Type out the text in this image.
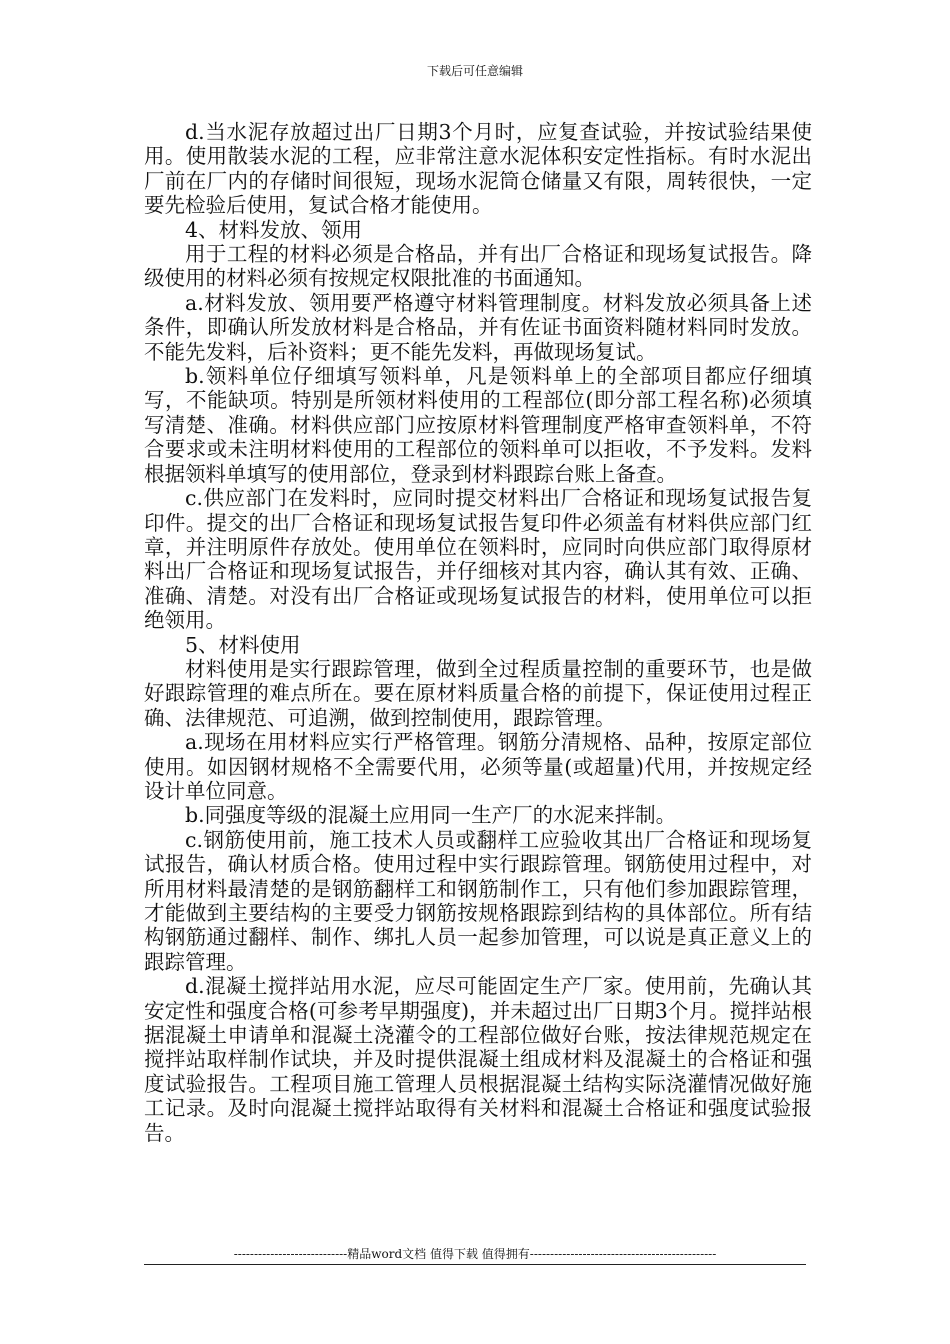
下载后可任意编辑

d.当水泥存放超过出厂日期3个月时，应复查试验，并按试验结果使用。使用散装水泥的工程，应非常注意水泥体积安定性指标。有时水泥出厂前在厂内的存储时间很短，现场水泥筒仓储量又有限，周转很快，一定要先检验后使用，复试合格才能使用。

4、材料发放、领用

用于工程的材料必须是合格品，并有出厂合格证和现场复试报告。降级使用的材料必须有按规定权限批准的书面通知。

a.材料发放、领用要严格遵守材料管理制度。材料发放必须具备上述条件，即确认所发放材料是合格品，并有佐证书面资料随材料同时发放。不能先发料，后补资料；更不能先发料，再做现场复试。

b.领料单位仔细填写领料单，凡是领料单上的全部项目都应仔细填写，不能缺项。特别是所领材料使用的工程部位(即分部工程名称)必须填写清楚、准确。材料供应部门应按原材料管理制度严格审查领料单，不符合要求或未注明材料使用的工程部位的领料单可以拒收，不予发料。发料根据领料单填写的使用部位，登录到材料跟踪台账上备查。

c.供应部门在发料时，应同时提交材料出厂合格证和现场复试报告复印件。提交的出厂合格证和现场复试报告复印件必须盖有材料供应部门红章，并注明原件存放处。使用单位在领料时，应同时向供应部门取得原材料出厂合格证和现场复试报告，并仔细核对其内容，确认其有效、正确、准确、清楚。对没有出厂合格证或现场复试报告的材料，使用单位可以拒绝领用。

5、材料使用

材料使用是实行跟踪管理，做到全过程质量控制的重要环节，也是做好跟踪管理的难点所在。要在原材料质量合格的前提下，保证使用过程正确、法律规范、可追溯，做到控制使用，跟踪管理。

a.现场在用材料应实行严格管理。钢筋分清规格、品种，按原定部位使用。如因钢材规格不全需要代用，必须等量(或超量)代用，并按规定经设计单位同意。

b.同强度等级的混凝土应用同一生产厂的水泥来拌制。

c.钢筋使用前，施工技术人员或翻样工应验收其出厂合格证和现场复试报告，确认材质合格。使用过程中实行跟踪管理。钢筋使用过程中，对所用材料最清楚的是钢筋翻样工和钢筋制作工，只有他们参加跟踪管理，才能做到主要结构的主要受力钢筋按规格跟踪到结构的具体部位。所有结构钢筋通过翻样、制作、绑扎人员一起参加管理，可以说是真正意义上的跟踪管理。

d.混凝土搅拌站用水泥，应尽可能固定生产厂家。使用前，先确认其安定性和强度合格(可参考早期强度)，并未超过出厂日期3个月。搅拌站根据混凝土申请单和混凝土浇灌令的工程部位做好台账，按法律规范规定在搅拌站取样制作试块，并及时提供混凝土组成材料及混凝土的合格证和强度试验报告。工程项目施工管理人员根据混凝土结构实际浇灌情况做好施工记录。及时向混凝土搅拌站取得有关材料和混凝土合格证和强度试验报告。

----------------------------精品word文档 值得下载 值得拥有----------------------------------------------
